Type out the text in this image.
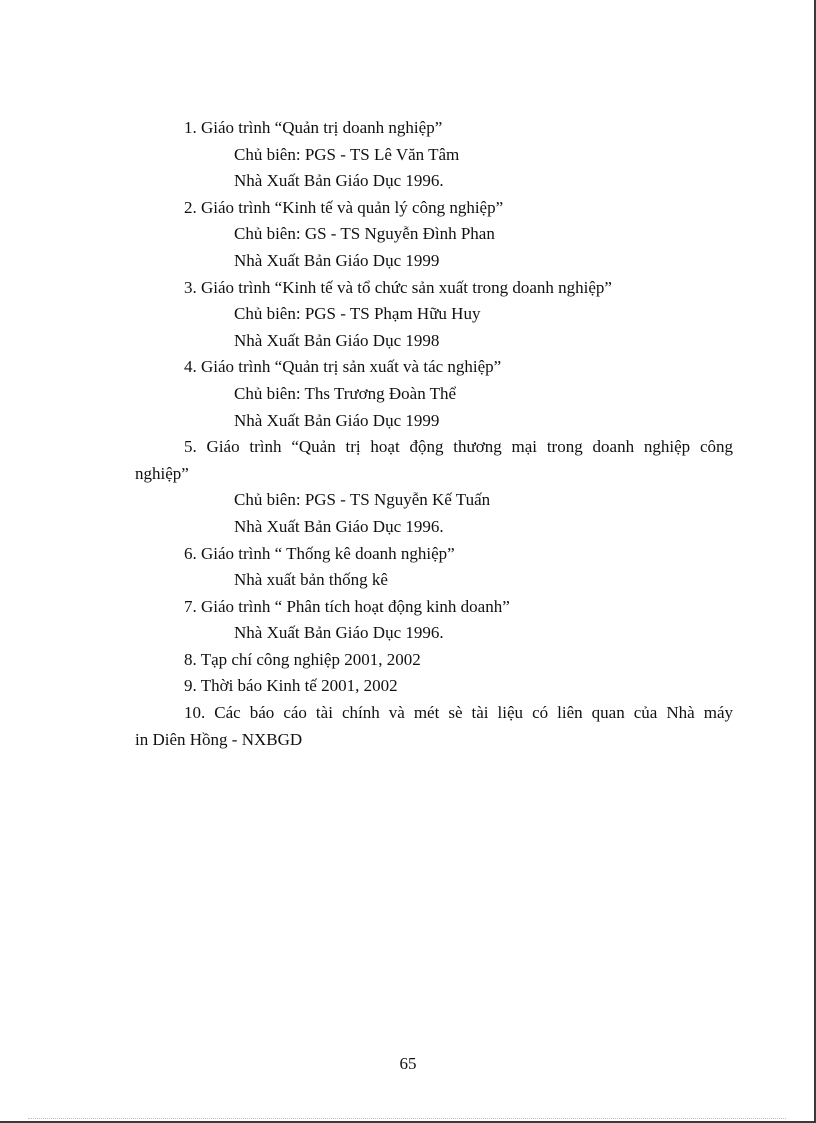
1. Giáo trình “Quản trị doanh nghiệp”
Chủ biên: PGS - TS Lê Văn Tâm
Nhà Xuất Bản Giáo Dục 1996.
2. Giáo trình “Kinh tế và quản lý công nghiệp”
Chủ biên: GS - TS Nguyễn Đình Phan
Nhà Xuất Bản Giáo Dục 1999
3. Giáo trình “Kinh tế và tổ chức sản xuất trong doanh nghiệp”
Chủ biên: PGS - TS Phạm Hữu Huy
Nhà Xuất Bản Giáo Dục 1998
4. Giáo trình “Quản trị sản xuất và tác nghiệp”
Chủ biên: Ths Trương Đoàn Thể
Nhà Xuất Bản Giáo Dục 1999
5. Giáo trình “Quản trị hoạt động thương mại trong doanh nghiệp công
nghiệp”
Chủ biên: PGS - TS Nguyễn Kế Tuấn
Nhà Xuất Bản Giáo Dục 1996.
6. Giáo trình “ Thống kê doanh nghiệp”
Nhà xuất bản thống kê
7. Giáo trình “ Phân tích hoạt động kinh doanh”
Nhà Xuất Bản Giáo Dục 1996.
8. Tạp chí công nghiệp 2001, 2002
9. Thời báo Kinh tế 2001, 2002
10. Các báo cáo tài chính và mét sè tài liệu có liên quan của Nhà máy
in Diên Hồng - NXBGD
65
